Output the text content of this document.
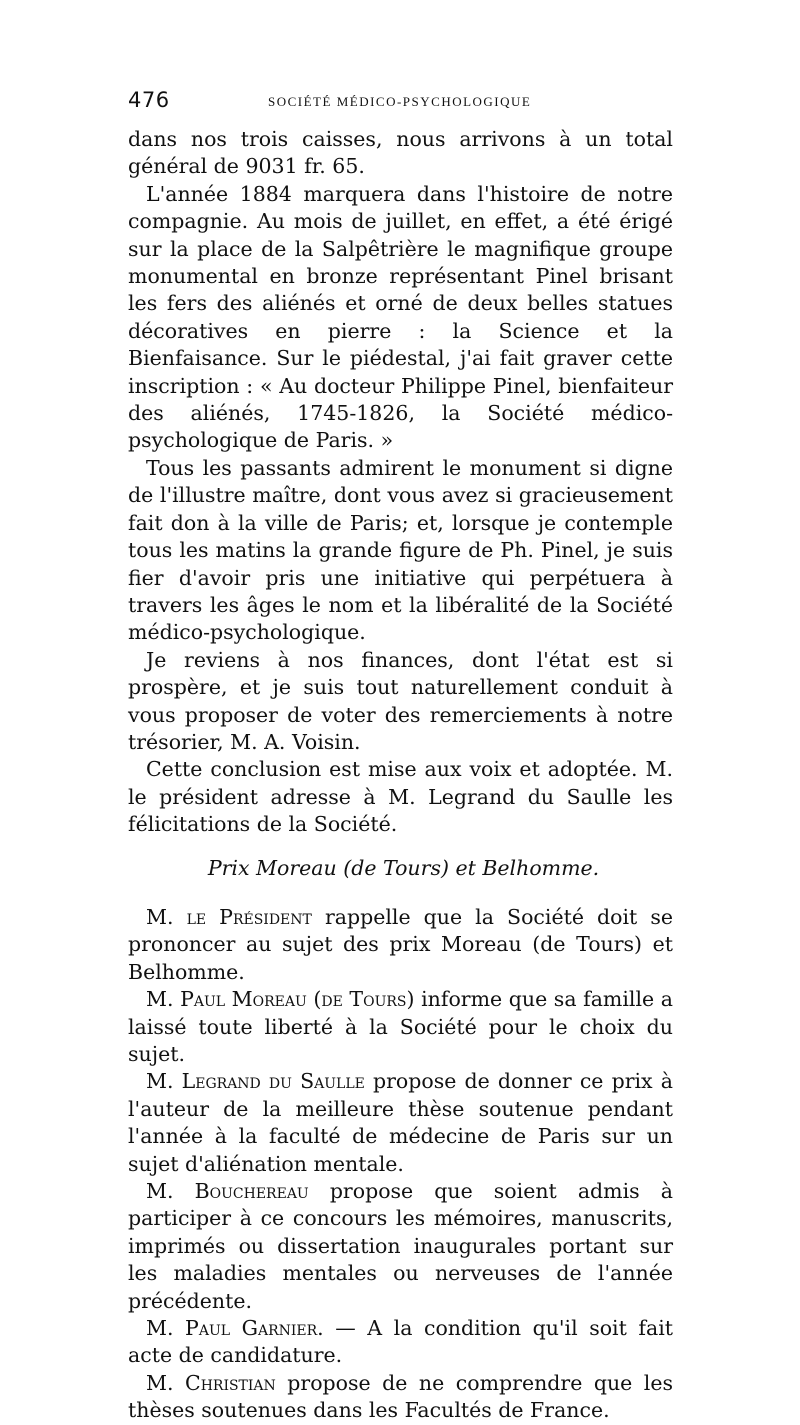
476	SOCIÉTÉ MÉDICO-PSYCHOLOGIQUE

dans nos trois caisses, nous arrivons à un total général de 9031 fr. 65.

L'année 1884 marquera dans l'histoire de notre compagnie. Au mois de juillet, en effet, a été érigé sur la place de la Salpêtrière le magnifique groupe monumental en bronze représentant Pinel brisant les fers des aliénés et orné de deux belles statues décoratives en pierre : la Science et la Bienfaisance. Sur le piédestal, j'ai fait graver cette inscription : « Au docteur Philippe Pinel, bienfaiteur des aliénés, 1745-1826, la Société médico-psychologique de Paris. »

Tous les passants admirent le monument si digne de l'illustre maître, dont vous avez si gracieusement fait don à la ville de Paris; et, lorsque je contemple tous les matins la grande figure de Ph. Pinel, je suis fier d'avoir pris une initiative qui perpétuera à travers les âges le nom et la libéralité de la Société médico-psychologique.

Je reviens à nos finances, dont l'état est si prospère, et je suis tout naturellement conduit à vous proposer de voter des remerciements à notre trésorier, M. A. Voisin.

Cette conclusion est mise aux voix et adoptée. M. le président adresse à M. Legrand du Saulle les félicitations de la Société.

Prix Moreau (de Tours) et Belhomme.

M. le Président rappelle que la Société doit se prononcer au sujet des prix Moreau (de Tours) et Belhomme.

M. Paul Moreau (de Tours) informe que sa famille a laissé toute liberté à la Société pour le choix du sujet.

M. Legrand du Saulle propose de donner ce prix à l'auteur de la meilleure thèse soutenue pendant l'année à la faculté de médecine de Paris sur un sujet d'aliénation mentale.

M. Bouchereau propose que soient admis à participer à ce concours les mémoires, manuscrits, imprimés ou dissertation inaugurales portant sur les maladies mentales ou nerveuses de l'année précédente.

M. Paul Garnier. — A la condition qu'il soit fait acte de candidature.

M. Christian propose de ne comprendre que les thèses soutenues dans les Facultés de France.
